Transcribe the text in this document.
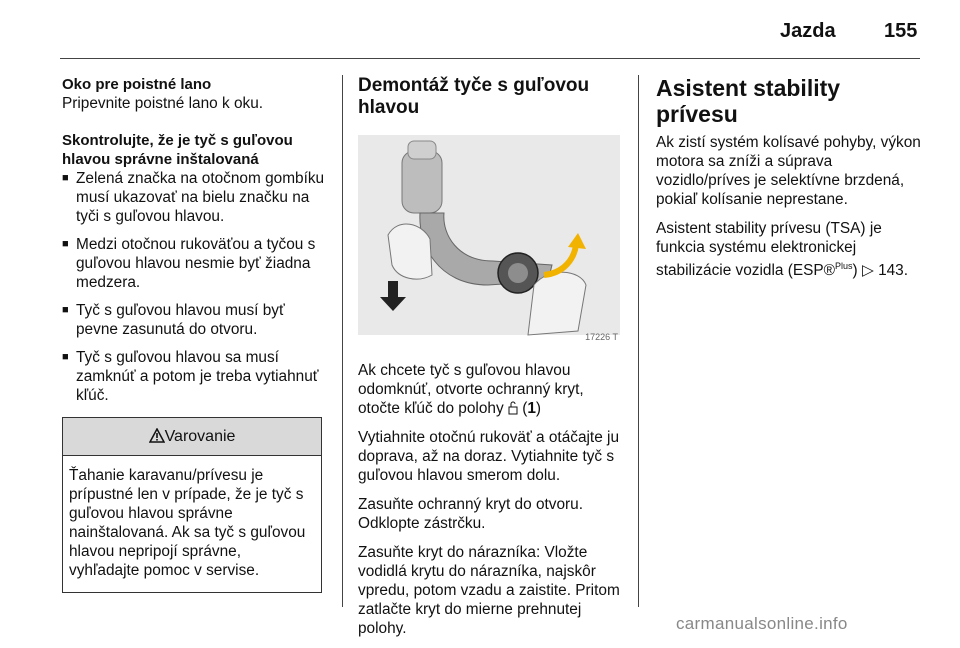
Jazda 155

Oko pre poistné lano

Pripevnite poistné lano k oku.

Skontrolujte, že je tyč s guľovou hlavou správne inštalovaná

■ Zelená značka na otočnom gombíku musí ukazovať na bielu značku na tyči s guľovou hlavou.
■ Medzi otočnou rukoväťou a tyčou s guľovou hlavou nesmie byť žiadna medzera.
■ Tyč s guľovou hlavou musí byť pevne zasunutá do otvoru.
■ Tyč s guľovou hlavou sa musí zamknúť a potom je treba vytiahnuť kľúč.
Varovanie
Ťahanie karavanu/prívesu je prípustné len v prípade, že je tyč s guľovou hlavou správne nainštalovaná. Ak sa tyč s guľovou hlavou nepripojí správne, vyhľadajte pomoc v servise.
Demontáž tyče s guľovou hlavou
17226 T

Ak chcete tyč s guľovou hlavou odomknúť, otvorte ochranný kryt, otočte kľúč do polohy  (1)

Vytiahnite otočnú rukoväť a otáčajte ju doprava, až na doraz. Vytiahnite tyč s guľovou hlavou smerom dolu.

Zasuňte ochranný kryt do otvoru. Odklopte zástrčku.

Zasuňte kryt do nárazníka: Vložte vodidlá krytu do nárazníka, najskôr vpredu, potom vzadu a zaistite. Pritom zatlačte kryt do mierne prehnutej polohy.

Asistent stability prívesu

Ak zistí systém kolísavé pohyby, výkon motora sa zníži a súprava vozidlo/príves je selektívne brzdená, pokiaľ kolísanie neprestane.

Asistent stability prívesu (TSA) je funkcia systému elektronickej stabilizácie vozidla (ESP®$^{Plus}$) ▷ 143.

carmanualsonline.info
